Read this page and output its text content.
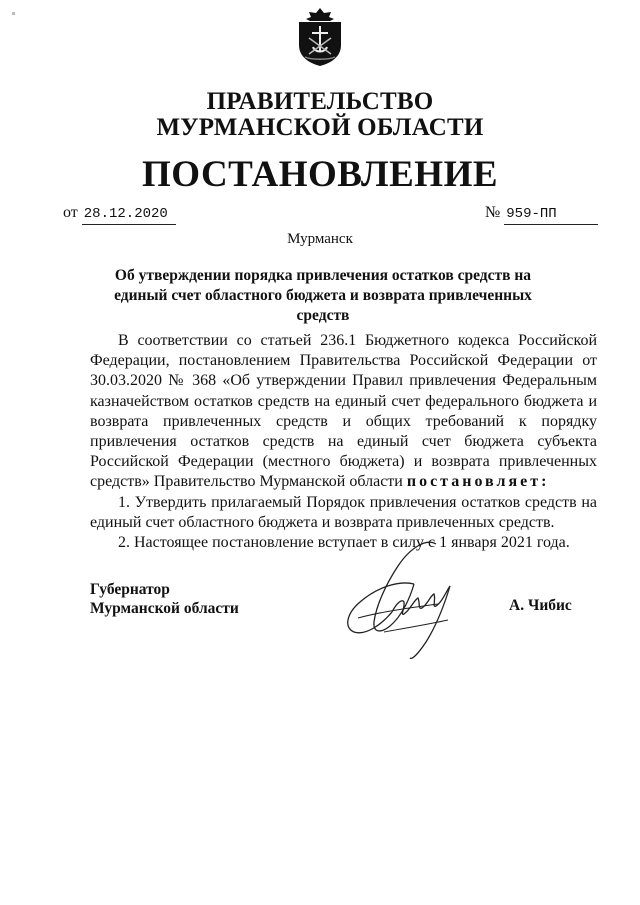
ПРАВИТЕЛЬСТВО
МУРМАНСКОЙ ОБЛАСТИ
ПОСТАНОВЛЕНИЕ
от 28.12.2020	№ 959-ПП
Мурманск
Об утверждении порядка привлечения остатков средств на единый счет областного бюджета и возврата привлеченных средств

В соответствии со статьей 236.1 Бюджетного кодекса Российской Федерации, постановлением Правительства Российской Федерации от 30.03.2020 № 368 «Об утверждении Правил привлечения Федеральным казначейством остатков средств на единый счет федерального бюджета и возврата привлеченных средств и общих требований к порядку привлечения остатков средств на единый счет бюджета субъекта Российской Федерации (местного бюджета) и возврата привлеченных средств» Правительство Мурманской области постановляет:

1. Утвердить прилагаемый Порядок привлечения остатков средств на единый счет областного бюджета и возврата привлеченных средств.

2. Настоящее постановление вступает в силу с 1 января 2021 года.

Губернатор
Мурманской области	А. Чибис
